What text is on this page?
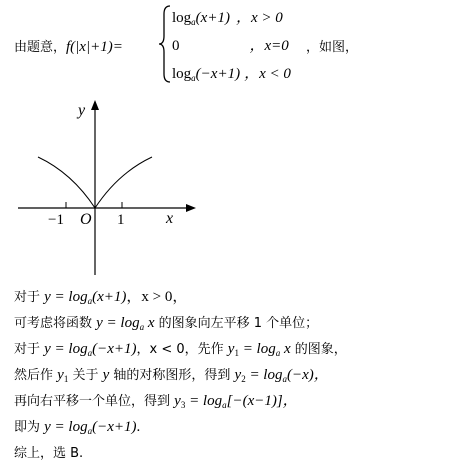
由题意，f(|x|+1)=
$\log_a(x+1)$ ，x > 0
0	，x=0
$\log_a(-x+1)$ ，x < 0
，如图，
y
x
O
−1	1
对于 $y = \log_a(x+1)$，x > 0，
可考虑将函数 $y = \log_a x$ 的图象向左平移 1 个单位；
对于 $y = \log_a(-x+1)$，x < 0，先作 $y_1 = \log_a x$ 的图象，
然后作 $y_1$ 关于 y 轴的对称图形，得到 $y_2 = \log_a(-x)$，
再向右平移一个单位，得到 $y_3 = \log_a[-(x-1)]$，
即为 $y = \log_a(-x+1)$.
综上，选 B.
